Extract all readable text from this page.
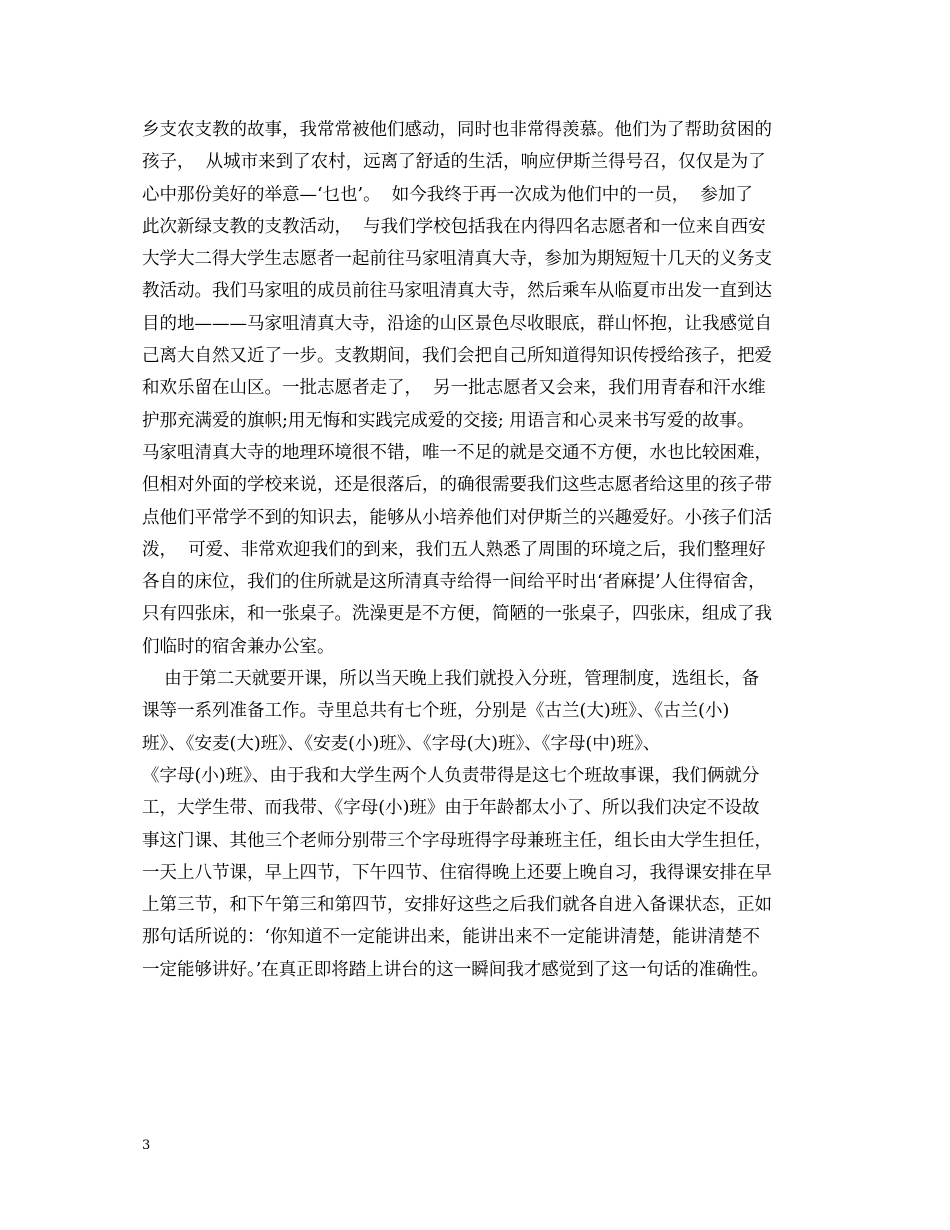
乡支农支教的故事，我常常被他们感动，同时也非常得羡慕。他们为了帮助贫困的
孩子，  从城市来到了农村，远离了舒适的生活，响应伊斯兰得号召，仅仅是为了
心中那份美好的举意—‘乜也’。  如今我终于再一次成为他们中的一员，  参加了
此次新绿支教的支教活动，  与我们学校包括我在内得四名志愿者和一位来自西安
大学大二得大学生志愿者一起前往马家咀清真大寺，参加为期短短十几天的义务支
教活动。我们马家咀的成员前往马家咀清真大寺，然后乘车从临夏市出发一直到达
目的地———马家咀清真大寺，沿途的山区景色尽收眼底，群山怀抱，让我感觉自
己离大自然又近了一步。支教期间，我们会把自己所知道得知识传授给孩子，把爱
和欢乐留在山区。一批志愿者走了，  另一批志愿者又会来，我们用青春和汗水维
护那充满爱的旗帜;用无悔和实践完成爱的交接; 用语言和心灵来书写爱的故事。
马家咀清真大寺的地理环境很不错，唯一不足的就是交通不方便，水也比较困难，
但相对外面的学校来说，还是很落后，的确很需要我们这些志愿者给这里的孩子带
点他们平常学不到的知识去，能够从小培养他们对伊斯兰的兴趣爱好。小孩子们活
泼，  可爱、非常欢迎我们的到来，我们五人熟悉了周围的环境之后，我们整理好
各自的床位，我们的住所就是这所清真寺给得一间给平时出‘者麻提’人住得宿舍，
只有四张床，和一张桌子。洗澡更是不方便，简陋的一张桌子，四张床，组成了我
们临时的宿舍兼办公室。
由于第二天就要开课，所以当天晚上我们就投入分班，管理制度，选组长，备
课等一系列准备工作。寺里总共有七个班，分别是《古兰(大)班》、《古兰(小)
班》、《安麦(大)班》、《安麦(小)班》、《字母(大)班》、《字母(中)班》、
《字母(小)班》、由于我和大学生两个人负责带得是这七个班故事课，我们俩就分
工，大学生带、而我带、《字母(小)班》由于年龄都太小了、所以我们决定不设故
事这门课、其他三个老师分别带三个字母班得字母兼班主任，组长由大学生担任，
一天上八节课，早上四节，下午四节、住宿得晚上还要上晚自习，我得课安排在早
上第三节，和下午第三和第四节，安排好这些之后我们就各自进入备课状态，正如
那句话所说的：‘你知道不一定能讲出来，能讲出来不一定能讲清楚，能讲清楚不
一定能够讲好。’在真正即将踏上讲台的这一瞬间我才感觉到了这一句话的准确性。
3
